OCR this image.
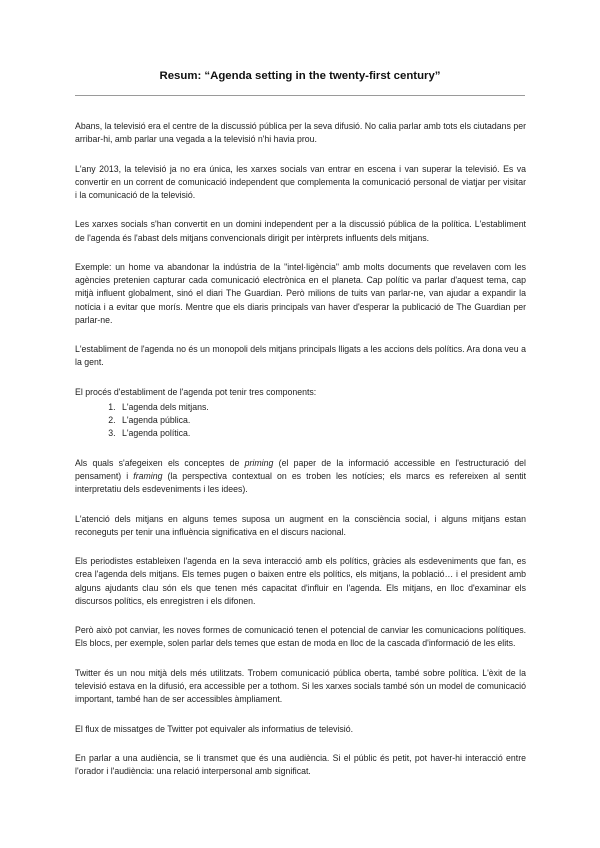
Resum: “Agenda setting in the twenty-first century”

Abans, la televisió era el centre de la discussió pública per la seva difusió. No calia parlar amb tots els ciutadans per arribar-hi, amb parlar una vegada a la televisió n'hi havia prou.

L'any 2013, la televisió ja no era única, les xarxes socials van entrar en escena i van superar la televisió. Es va convertir en un corrent de comunicació independent que complementa la comunicació personal de viatjar per visitar i la comunicació de la televisió.

Les xarxes socials s'han convertit en un domini independent per a la discussió pública de la política. L'establiment de l'agenda és l'abast dels mitjans convencionals dirigit per intèrprets influents dels mitjans.

Exemple: un home va abandonar la indústria de la "intel·ligència" amb molts documents que revelaven com les agències pretenien capturar cada comunicació electrònica en el planeta. Cap polític va parlar d'aquest tema, cap mitjà influent globalment, sinó el diari The Guardian. Però milions de tuits van parlar-ne, van ajudar a expandir la notícia i a evitar que morís. Mentre que els diaris principals van haver d'esperar la publicació de The Guardian per parlar-ne.

L'establiment de l'agenda no és un monopoli dels mitjans principals lligats a les accions dels polítics. Ara dona veu a la gent.

El procés d'establiment de l'agenda pot tenir tres components:

1. L'agenda dels mitjans.
2. L'agenda pública.
3. L'agenda política.

Als quals s'afegeixen els conceptes de priming (el paper de la informació accessible en l'estructuració del pensament) i framing (la perspectiva contextual on es troben les notícies; els marcs es refereixen al sentit interpretatiu dels esdeveniments i les idees).

L'atenció dels mitjans en alguns temes suposa un augment en la consciència social, i alguns mitjans estan reconeguts per tenir una influència significativa en el discurs nacional.

Els periodistes estableixen l'agenda en la seva interacció amb els polítics, gràcies als esdeveniments que fan, es crea l'agenda dels mitjans. Els temes pugen o baixen entre els polítics, els mitjans, la població… i el president amb alguns ajudants clau són els que tenen més capacitat d'influir en l'agenda. Els mitjans, en lloc d'examinar els discursos polítics, els enregistren i els difonen.

Però això pot canviar, les noves formes de comunicació tenen el potencial de canviar les comunicacions polítiques. Els blocs, per exemple, solen parlar dels temes que estan de moda en lloc de la cascada d'informació de les elits.

Twitter és un nou mitjà dels més utilitzats. Trobem comunicació pública oberta, també sobre política. L'èxit de la televisió estava en la difusió, era accessible per a tothom. Si les xarxes socials també són un model de comunicació important, també han de ser accessibles àmpliament.

El flux de missatges de Twitter pot equivaler als informatius de televisió.

En parlar a una audiència, se li transmet que és una audiència. Si el públic és petit, pot haver-hi interacció entre l'orador i l'audiència: una relació interpersonal amb significat.
